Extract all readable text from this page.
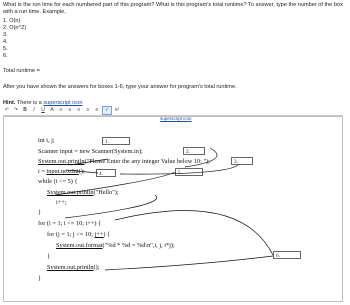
What is the run time for each numbered part of this program? What is this program's total runtime? To answer, type the number of the box with a run time. Example,
1. O(n)
2. O(n^2)
3.
4.
5.
6.
Total runtime =
After you have shown the answers for boxes 1-6, type your answer for program's total runtime.
Hint. There is a superscript icon
↶ ↷	B	I	U	A	≡	≡	≡	≡	≡	✓	x²
superscript icon
int i, j;
Scanner input = new Scanner(System.in);
System.out.println("Please Enter the any integer Value below 10: ");
i = input.nextInt();
while (i <= 5) {
System.out.println("Hello");
i++;
}
for (i = 1; i <= 10; i++) {
for (j = 1; j <= 10; j++) {
System.out.format("%d * %d = %d\n",i, j, i*j);
}
System.out.println();
}
1.
2.
3.
4.	5.
6.
